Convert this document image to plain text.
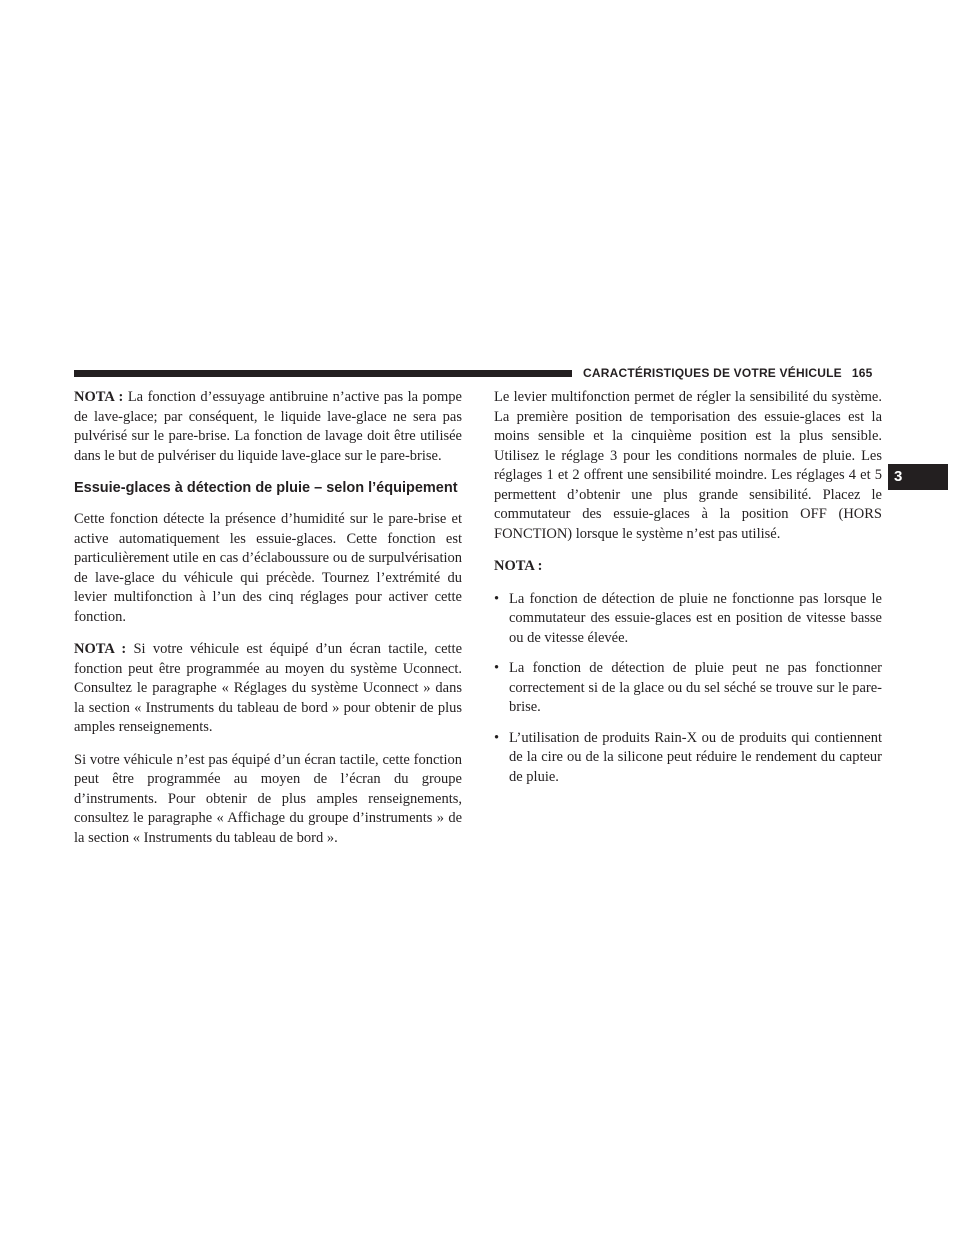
CARACTÉRISTIQUES DE VOTRE VÉHICULE 165
3

NOTA : La fonction d’essuyage antibruine n’active pas la pompe de lave-glace; par conséquent, le liquide lave-glace ne sera pas pulvérisé sur le pare-brise. La fonction de lavage doit être utilisée dans le but de pulvériser du liquide lave-glace sur le pare-brise.

Essuie-glaces à détection de pluie – selon l’équipement

Cette fonction détecte la présence d’humidité sur le pare-brise et active automatiquement les essuie-glaces. Cette fonction est particulièrement utile en cas d’éclaboussure ou de surpulvérisation de lave-glace du véhicule qui précède. Tournez l’extrémité du levier multifonction à l’un des cinq réglages pour activer cette fonction.

NOTA : Si votre véhicule est équipé d’un écran tactile, cette fonction peut être programmée au moyen du système Uconnect. Consultez le paragraphe « Réglages du système Uconnect » dans la section « Instruments du tableau de bord » pour obtenir de plus amples renseignements.

Si votre véhicule n’est pas équipé d’un écran tactile, cette fonction peut être programmée au moyen de l’écran du groupe d’instruments. Pour obtenir de plus amples renseignements, consultez le paragraphe « Affichage du groupe d’instruments » de la section « Instruments du tableau de bord ».

Le levier multifonction permet de régler la sensibilité du système. La première position de temporisation des essuie-glaces est la moins sensible et la cinquième position est la plus sensible. Utilisez le réglage 3 pour les conditions normales de pluie. Les réglages 1 et 2 offrent une sensibilité moindre. Les réglages 4 et 5 permettent d’obtenir une plus grande sensibilité. Placez le commutateur des essuie-glaces à la position OFF (HORS FONCTION) lorsque le système n’est pas utilisé.

NOTA :

• La fonction de détection de pluie ne fonctionne pas lorsque le commutateur des essuie-glaces est en position de vitesse basse ou de vitesse élevée.
• La fonction de détection de pluie peut ne pas fonctionner correctement si de la glace ou du sel séché se trouve sur le pare-brise.
• L’utilisation de produits Rain-X ou de produits qui contiennent de la cire ou de la silicone peut réduire le rendement du capteur de pluie.
